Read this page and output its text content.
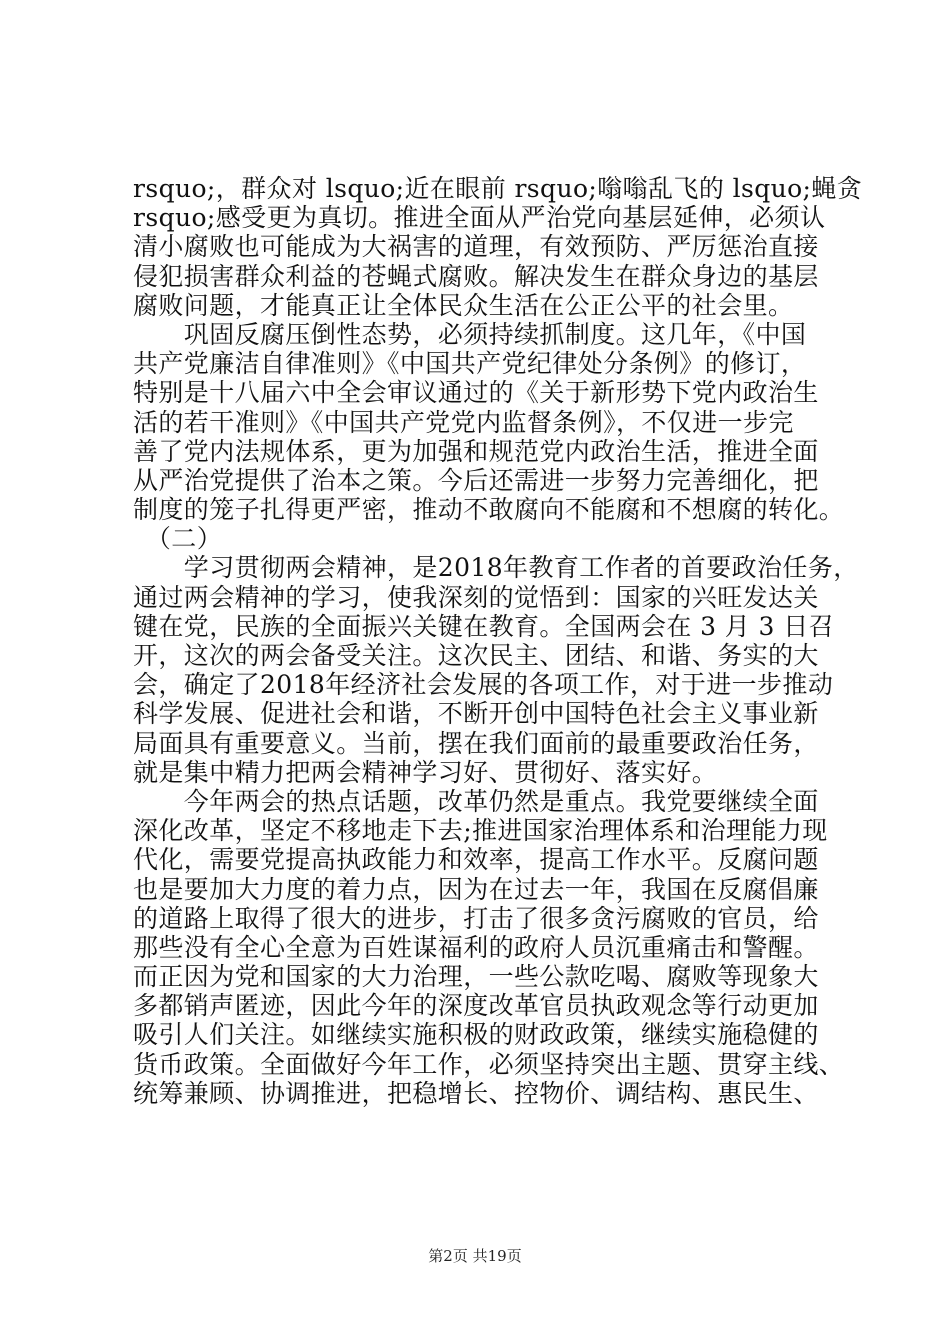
rsquo;，群众对 lsquo;近在眼前 rsquo;嗡嗡乱飞的 lsquo;蝇贪
rsquo;感受更为真切。推进全面从严治党向基层延伸，必须认
清小腐败也可能成为大祸害的道理，有效预防、严厉惩治直接
侵犯损害群众利益的苍蝇式腐败。解决发生在群众身边的基层
腐败问题，才能真正让全体民众生活在公正公平的社会里。
　　巩固反腐压倒性态势，必须持续抓制度。这几年，《中国
共产党廉洁自律准则》《中国共产党纪律处分条例》的修订，
特别是十八届六中全会审议通过的《关于新形势下党内政治生
活的若干准则》《中国共产党党内监督条例》，不仅进一步完
善了党内法规体系，更为加强和规范党内政治生活，推进全面
从严治党提供了治本之策。今后还需进一步努力完善细化，把
制度的笼子扎得更严密，推动不敢腐向不能腐和不想腐的转化。
　（二）
　　学习贯彻两会精神，是2018年教育工作者的首要政治任务，
通过两会精神的学习，使我深刻的觉悟到：国家的兴旺发达关
键在党，民族的全面振兴关键在教育。全国两会在 3 月 3 日召
开，这次的两会备受关注。这次民主、团结、和谐、务实的大
会，确定了2018年经济社会发展的各项工作，对于进一步推动
科学发展、促进社会和谐，不断开创中国特色社会主义事业新
局面具有重要意义。当前，摆在我们面前的最重要政治任务，
就是集中精力把两会精神学习好、贯彻好、落实好。
　　今年两会的热点话题，改革仍然是重点。我党要继续全面
深化改革，坚定不移地走下去;推进国家治理体系和治理能力现
代化，需要党提高执政能力和效率，提高工作水平。反腐问题
也是要加大力度的着力点，因为在过去一年，我国在反腐倡廉
的道路上取得了很大的进步，打击了很多贪污腐败的官员，给
那些没有全心全意为百姓谋福利的政府人员沉重痛击和警醒。
而正因为党和国家的大力治理，一些公款吃喝、腐败等现象大
多都销声匿迹，因此今年的深度改革官员执政观念等行动更加
吸引人们关注。如继续实施积极的财政政策，继续实施稳健的
货币政策。全面做好今年工作，必须坚持突出主题、贯穿主线、
统筹兼顾、协调推进，把稳增长、控物价、调结构、惠民生、
第2页 共19页
